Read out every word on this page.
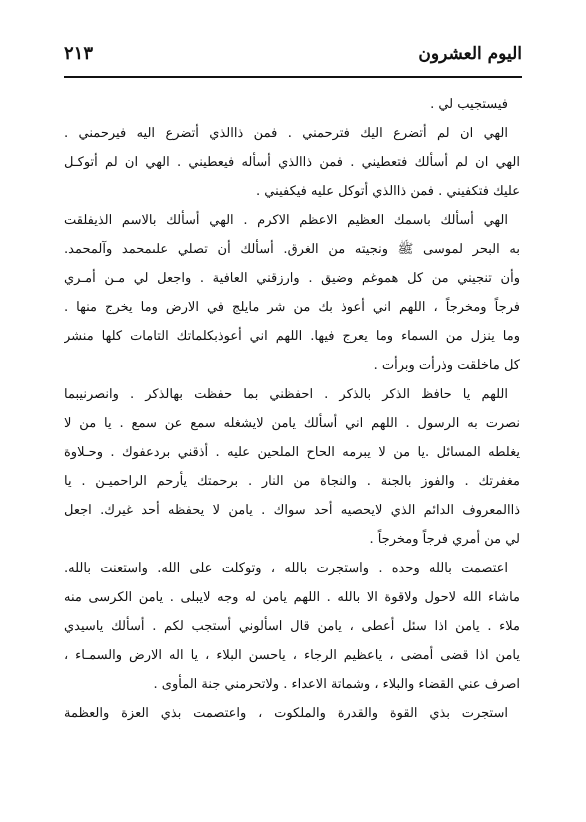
اليوم العشرون
٢١٣
فيستجيب لي .
الهي ان لم أتضرع اليك فترحمني . فمن ذاالذي أتضرع اليه فيرحمني .
الهي ان لم أسألك فتعطيني . فمن ذاالذي أسأله فيعطيني . الهي ان لم أتوكـل
عليك فتكفيني . فمن ذاالذي أتوكل عليه فيكفيني .
الهي أسألك باسمك العظيم الاعظم الاكرم . الهي أسألك بالاسم الذيفلقت
به البحر لموسى ﷺ ونجيته من الغرق. أسألك أن تصلي علىمحمد وآلمحمد.
وأن تنجيني من كل هموغم وضيق . وارزقني العافية . واجعل لي مـن أمـري
فرجاً ومخرجاً ، اللهم اني أعوذ بك من شر مايلج في الارض وما يخرج منها .
وما ينزل من السماء وما يعرج فيها. اللهم اني أعوذبكلماتك التامات كلها منشر
كل ماخلقت وذرأت وبرأت .
اللهم يا حافظ الذكر بالذكر . احفظني بما حفظت بهالذكر . وانصرنيبما
نصرت به الرسول . اللهم اني أسألك يامن لايشغله سمع عن سمع . يا من لا
يغلطه المسائل .يا من لا يبرمه الحاح الملحين عليه . أذقني بردعفوك . وحـلاوة
مغفرتك . والفوز بالجنة . والنجاة من النار . برحمتك يأرحم الراحميـن . يا
ذاالمعروف الدائم الذي لايحصيه أحد سواك . يامن لا يحفظه أحد غيرك. اجعل
لي من أمري فرجاً ومخرجاً .
اعتصمت بالله وحده . واستجرت بالله ، وتوكلت على الله. واستعنت بالله.
ماشاء الله لاحول ولاقوة الا بالله . اللهم يامن له وجه لايبلى . يامن الكرسى منه
ملاء . يامن اذا سئل أعطى ، يامن قال اسألوني أستجب لكم . أسألك ياسيدي
يامن اذا قضى أمضى ، ياعظيم الرجاء ، ياحسن البلاء ، يا اله الارض والسمـاء ،
اصرف عني القضاء والبلاء ، وشماتة الاعداء . ولاتحرمني جنة المأوى .
استجرت بذي القوة والقدرة والملكوت ، واعتصمت بذي العزة والعظمة
